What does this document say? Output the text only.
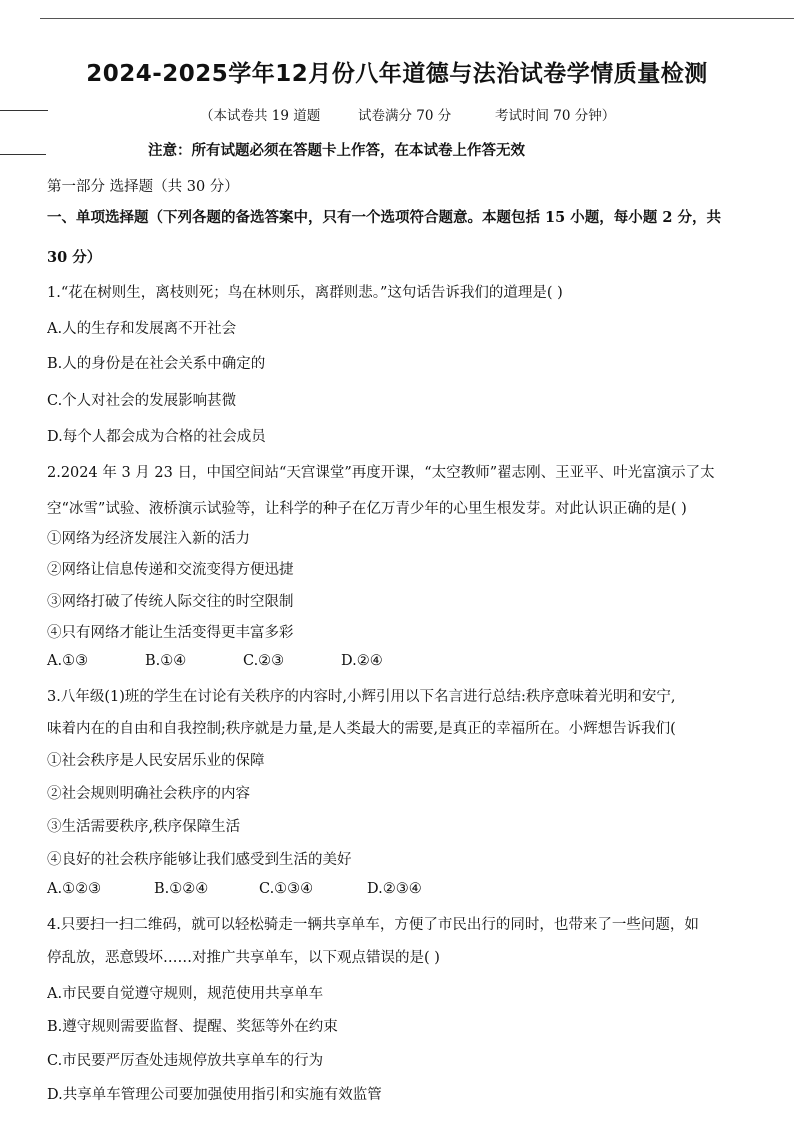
2024-2025学年12月份八年道德与法治试卷学情质量检测
（本试卷共 19 道题	试卷满分 70 分	考试时间 70 分钟）
注意：所有试题必须在答题卡上作答，在本试卷上作答无效
第一部分 选择题（共 30 分）
一、单项选择题（下列各题的备选答案中，只有一个选项符合题意。本题包括 15 小题，每小题 2 分，共
30 分）
1.“花在树则生，离枝则死；鸟在林则乐，离群则悲。”这句话告诉我们的道理是( )
A.人的生存和发展离不开社会
B.人的身份是在社会关系中确定的
C.个人对社会的发展影响甚微
D.每个人都会成为合格的社会成员
2.2024 年 3 月 23 日，中国空间站“天宫课堂”再度开课，“太空教师”翟志刚、王亚平、叶光富演示了太
空“冰雪”试验、液桥演示试验等，让科学的种子在亿万青少年的心里生根发芽。对此认识正确的是( )
①网络为经济发展注入新的活力
②网络让信息传递和交流变得方便迅捷
③网络打破了传统人际交往的时空限制
④只有网络才能让生活变得更丰富多彩
A.①③	B.①④	C.②③	D.②④
3.八年级(1)班的学生在讨论有关秩序的内容时,小辉引用以下名言进行总结:秩序意味着光明和安宁,
味着内在的自由和自我控制;秩序就是力量,是人类最大的需要,是真正的幸福所在。小辉想告诉我们(
①社会秩序是人民安居乐业的保障
②社会规则明确社会秩序的内容
③生活需要秩序,秩序保障生活
④良好的社会秩序能够让我们感受到生活的美好
A.①②③	B.①②④	C.①③④	D.②③④
4.只要扫一扫二维码，就可以轻松骑走一辆共享单车，方便了市民出行的同时，也带来了一些问题，如
停乱放，恶意毁坏……对推广共享单车，以下观点错误的是( )
A.市民要自觉遵守规则，规范使用共享单车
B.遵守规则需要监督、提醒、奖惩等外在约束
C.市民要严厉查处违规停放共享单车的行为
D.共享单车管理公司要加强使用指引和实施有效监管
